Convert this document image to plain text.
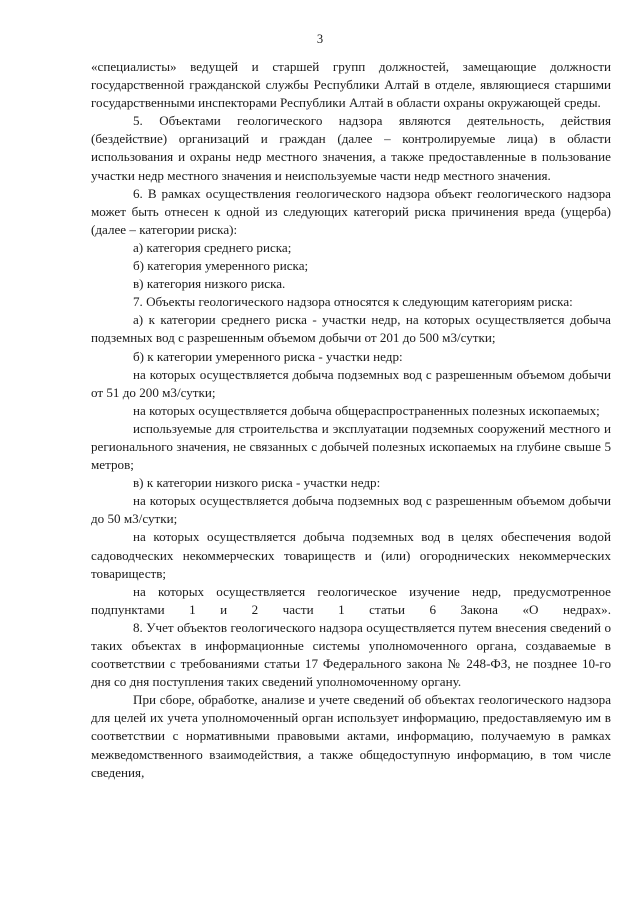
3

«специалисты» ведущей и старшей групп должностей, замещающие должности государственной гражданской службы Республики Алтай в отделе, являющиеся старшими государственными инспекторами Республики Алтай в области охраны окружающей среды.

5. Объектами геологического надзора являются деятельность, действия (бездействие) организаций и граждан (далее – контролируемые лица) в области использования и охраны недр местного значения, а также предоставленные в пользование участки недр местного значения и неиспользуемые части недр местного значения.

6. В рамках осуществления геологического надзора объект геологического надзора может быть отнесен к одной из следующих категорий риска причинения вреда (ущерба) (далее – категории риска):

а) категория среднего риска;

б) категория умеренного риска;

в) категория низкого риска.

7. Объекты геологического надзора относятся к следующим категориям риска:

а) к категории среднего риска - участки недр, на которых осуществляется добыча подземных вод с разрешенным объемом добычи от 201 до 500 м3/сутки;

б) к категории умеренного риска - участки недр:

на которых осуществляется добыча подземных вод с разрешенным объемом добычи от 51 до 200 м3/сутки;

на которых осуществляется добыча общераспространенных полезных ископаемых;

используемые для строительства и эксплуатации подземных сооружений местного и регионального значения, не связанных с добычей полезных ископаемых на глубине свыше 5 метров;

в) к категории низкого риска - участки недр:

на которых осуществляется добыча подземных вод с разрешенным объемом добычи до 50 м3/сутки;

на которых осуществляется добыча подземных вод в целях обеспечения водой садоводческих некоммерческих товариществ и (или) огороднических некоммерческих товариществ;

на которых осуществляется геологическое изучение недр, предусмотренное подпунктами 1 и 2 части 1 статьи 6 Закона «О недрах».

8. Учет объектов геологического надзора осуществляется путем внесения сведений о таких объектах в информационные системы уполномоченного органа, создаваемые в соответствии с требованиями статьи 17 Федерального закона № 248-ФЗ, не позднее 10-го дня со дня поступления таких сведений уполномоченному органу.

При сборе, обработке, анализе и учете сведений об объектах геологического надзора для целей их учета уполномоченный орган использует информацию, предоставляемую им в соответствии с нормативными правовыми актами, информацию, получаемую в рамках межведомственного взаимодействия, а также общедоступную информацию, в том числе сведения,
